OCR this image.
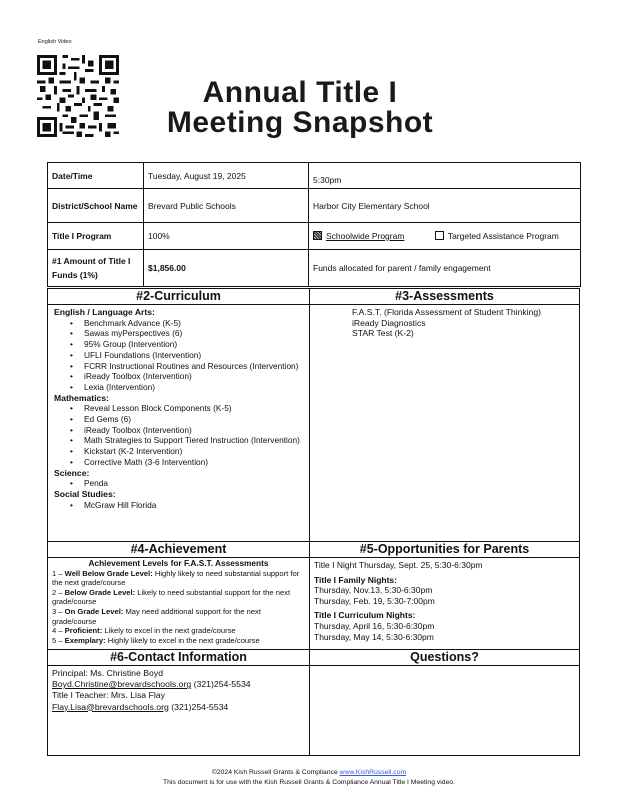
English Video
Annual Title I
Meeting Snapshot
Date/Time	Tuesday, August 19, 2025	5:30pm
District/School Name	Brevard Public Schools	Harbor City Elementary School
Title I Program	100%	Schoolwide Program Targeted Assistance Program
#1 Amount of Title I Funds (1%)	$1,856.00	Funds allocated for parent / family engagement
#2-Curriculum
English / Language Arts:
• Benchmark Advance (K-5)
• Sawas myPerspectives (6)
• 95% Group (Intervention)
• UFLI Foundations (Intervention)
• FCRR Instructional Routines and Resources (Intervention)
• iReady Toolbox (Intervention)
• Lexia (Intervention)
Mathematics:
• Reveal Lesson Block Components (K-5)
• Ed Gems (6)
• iReady Toolbox (Intervention)
• Math Strategies to Support Tiered Instruction (Intervention)
• Kickstart (K-2 Intervention)
• Corrective Math (3-6 Intervention)
Science:
• Penda
Social Studies:
• McGraw Hill Florida
#3-Assessments
F.A.S.T. (Florida Assessment of Student Thinking)
iReady Diagnostics
STAR Test (K-2)
#4-Achievement
Achievement Levels for F.A.S.T. Assessments
1 – Well Below Grade Level: Highly likely to need substantial support for the next grade/course
2 – Below Grade Level: Likely to need substantial support for the next grade/course
3 – On Grade Level: May need additional support for the next grade/course
4 – Proficient: Likely to excel in the next grade/course
5 – Exemplary: Highly likely to excel in the next grade/course
#5-Opportunities for Parents
Title I Night Thursday, Sept. 25, 5:30-6:30pm
Title I Family Nights:
Thursday, Nov.13, 5:30-6:30pm
Thursday, Feb. 19, 5:30-7:00pm
Title I Curriculum Nights:
Thursday, April 16, 5:30-6:30pm
Thursday, May 14, 5:30-6:30pm
#6-Contact Information
Principal: Ms. Christine Boyd
Boyd.Christine@brevardschools.org (321)254-5534
Title I Teacher: Mrs. Lisa Flay
Flay.Lisa@brevardschools.org (321)254-5534
Questions?
©2024 Kish Russell Grants & Compliance www.KishRussell.com
This document is for use with the Kish Russell Grants & Compliance Annual Title I Meeting video.
